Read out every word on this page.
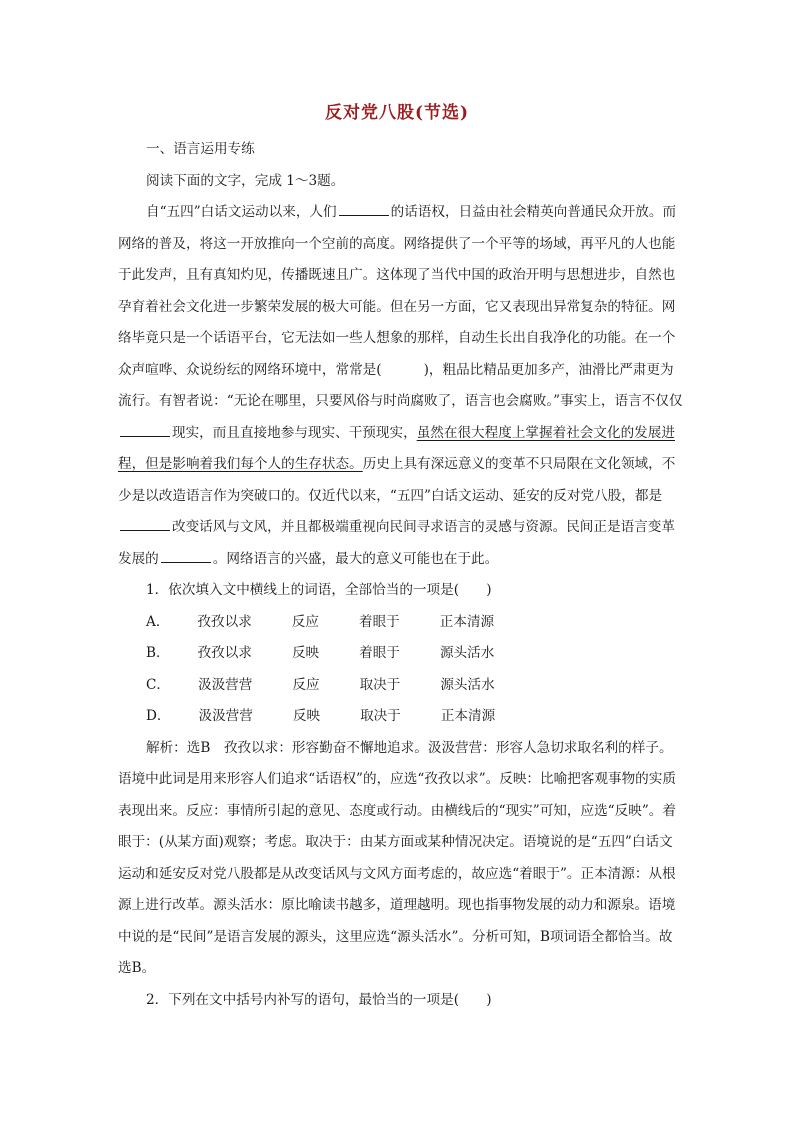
反对党八股(节选)

一、语言运用专练

阅读下面的文字，完成 1～3题。

自“五四”白话文运动以来，人们	的话语权，日益由社会精英向普通民众开放。而网络的普及，将这一开放推向一个空前的高度。网络提供了一个平等的场域，再平凡的人也能于此发声，且有真知灼见，传播既速且广。这体现了当代中国的政治开明与思想进步，自然也孕育着社会文化进一步繁荣发展的极大可能。但在另一方面，它又表现出异常复杂的特征。网络毕竟只是一个话语平台，它无法如一些人想象的那样，自动生长出自我净化的功能。在一个众声喧哗、众说纷纭的网络环境中，常常是(	)，粗品比精品更加多产，油滑比严肃更为流行。有智者说：“无论在哪里，只要风俗与时尚腐败了，语言也会腐败。”事实上，语言不仅仅现实，而且直接地参与现实、干预现实，虽然在很大程度上掌握着社会文化的发展进程，但是影响着我们每个人的生存状态。历史上具有深远意义的变革不只局限在文化领域，不少是以改造语言作为突破口的。仅近代以来，“五四”白话文运动、延安的反对党八股，都是改变话风与文风，并且都极端重视向民间寻求语言的灵感与资源。民间正是语言变革发展的	。网络语言的兴盛，最大的意义可能也在于此。

1．依次填入文中横线上的词语，全部恰当的一项是(　　)

A． 孜孜以求	反应	着眼于	正本清源

B． 孜孜以求	反映	着眼于	源头活水

C． 汲汲营营	反应	取决于	源头活水

D． 汲汲营营	反映	取决于	正本清源

解析：选B　孜孜以求：形容勤奋不懈地追求。汲汲营营：形容人急切求取名利的样子。语境中此词是用来形容人们追求“话语权”的，应选“孜孜以求”。反映：比喻把客观事物的实质表现出来。反应：事情所引起的意见、态度或行动。由横线后的“现实”可知，应选“反映”。着眼于：(从某方面)观察；考虑。取决于：由某方面或某种情况决定。语境说的是“五四”白话文运动和延安反对党八股都是从改变话风与文风方面考虑的，故应选“着眼于”。正本清源：从根源上进行改革。源头活水：原比喻读书越多，道理越明。现也指事物发展的动力和源泉。语境中说的是“民间”是语言发展的源头，这里应选“源头活水”。分析可知，B项词语全都恰当。故选B。

2．下列在文中括号内补写的语句，最恰当的一项是(　　)
